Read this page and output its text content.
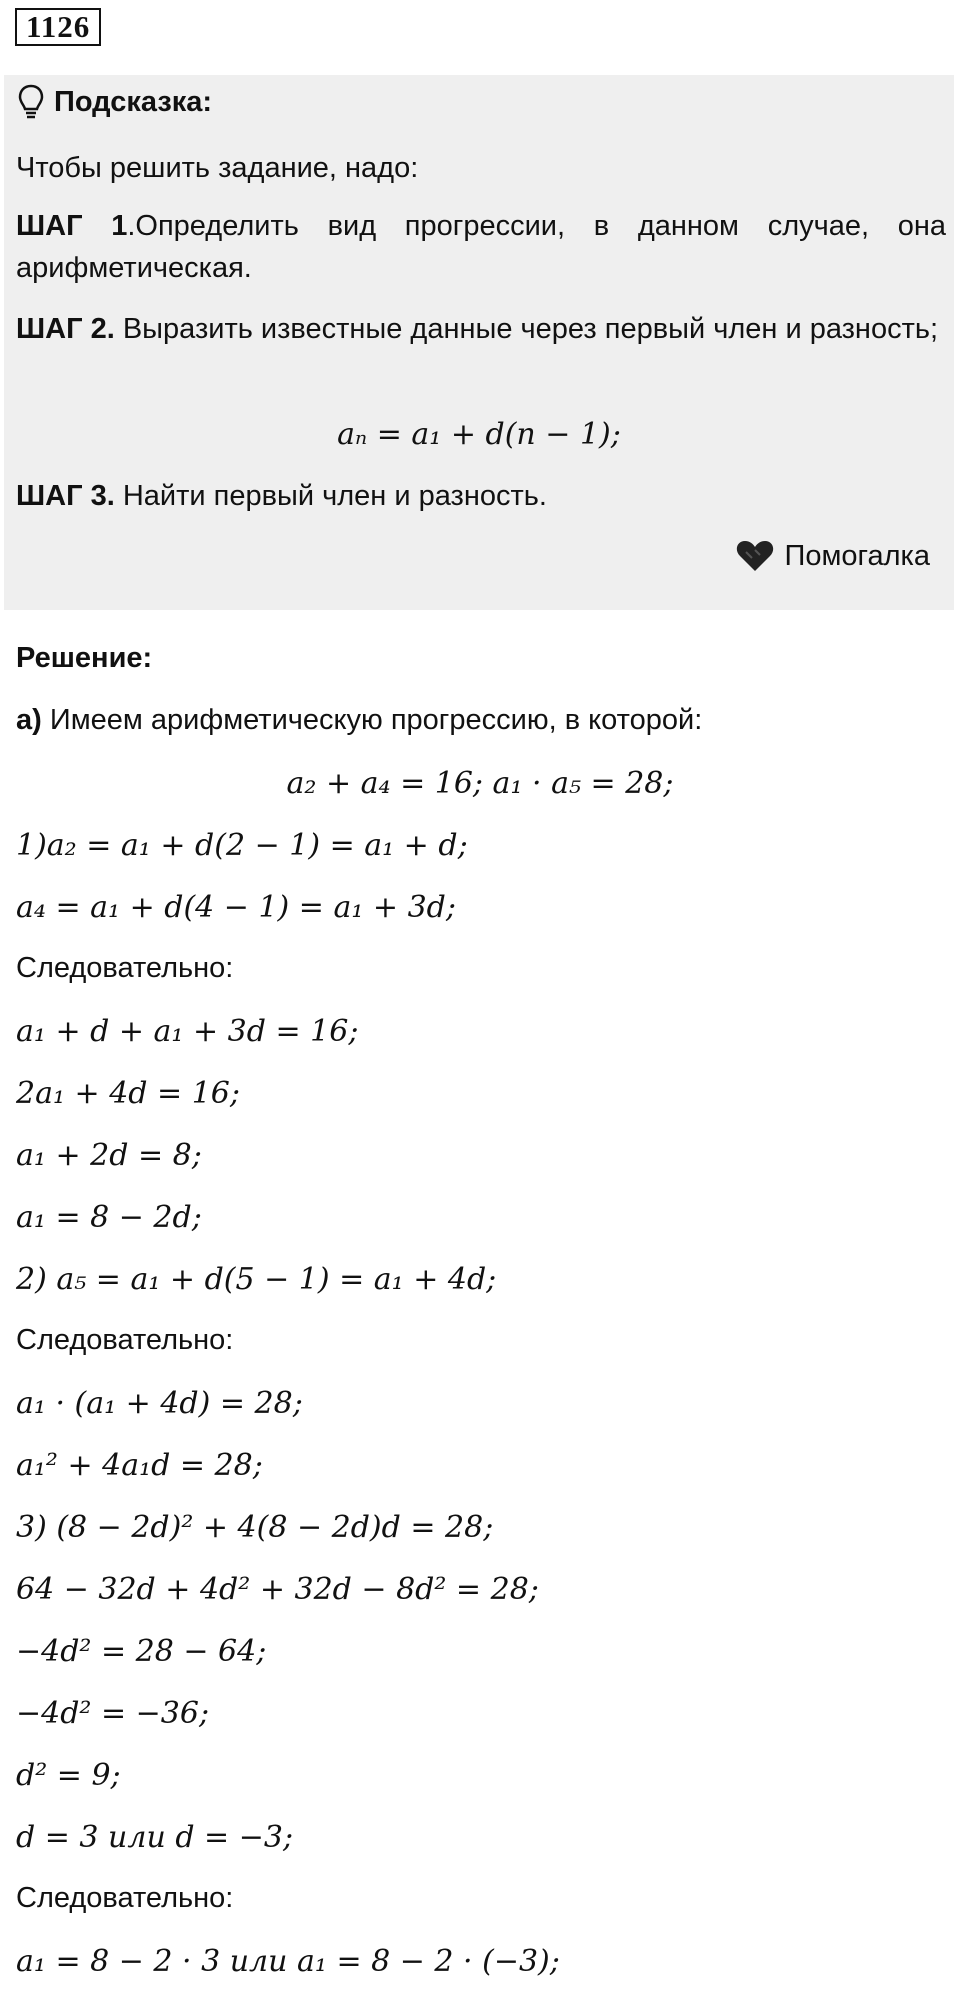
1126
Подсказка:
Чтобы решить задание, надо:
ШАГ 1.Определить вид прогрессии, в данном случае, она арифметическая.
ШАГ 2. Выразить известные данные через первый член и разность;
aₙ = a₁ + d(n − 1);
ШАГ 3. Найти первый член и разность.
Помогалка
Решение:
а) Имеем арифметическую прогрессию, в которой:
a₂ + a₄ = 16; a₁ · a₅ = 28;
1)a₂ = a₁ + d(2 − 1) = a₁ + d;
a₄ = a₁ + d(4 − 1) = a₁ + 3d;
Следовательно:
a₁ + d + a₁ + 3d = 16;
2a₁ + 4d = 16;
a₁ + 2d = 8;
a₁ = 8 − 2d;
2) a₅ = a₁ + d(5 − 1) = a₁ + 4d;
Следовательно:
a₁ · (a₁ + 4d) = 28;
a₁² + 4a₁d = 28;
3) (8 − 2d)² + 4(8 − 2d)d = 28;
64 − 32d + 4d² + 32d − 8d² = 28;
−4d² = 28 − 64;
−4d² = −36;
d² = 9;
d = 3 или d = −3;
Следовательно:
a₁ = 8 − 2 · 3 или a₁ = 8 − 2 · (−3);
